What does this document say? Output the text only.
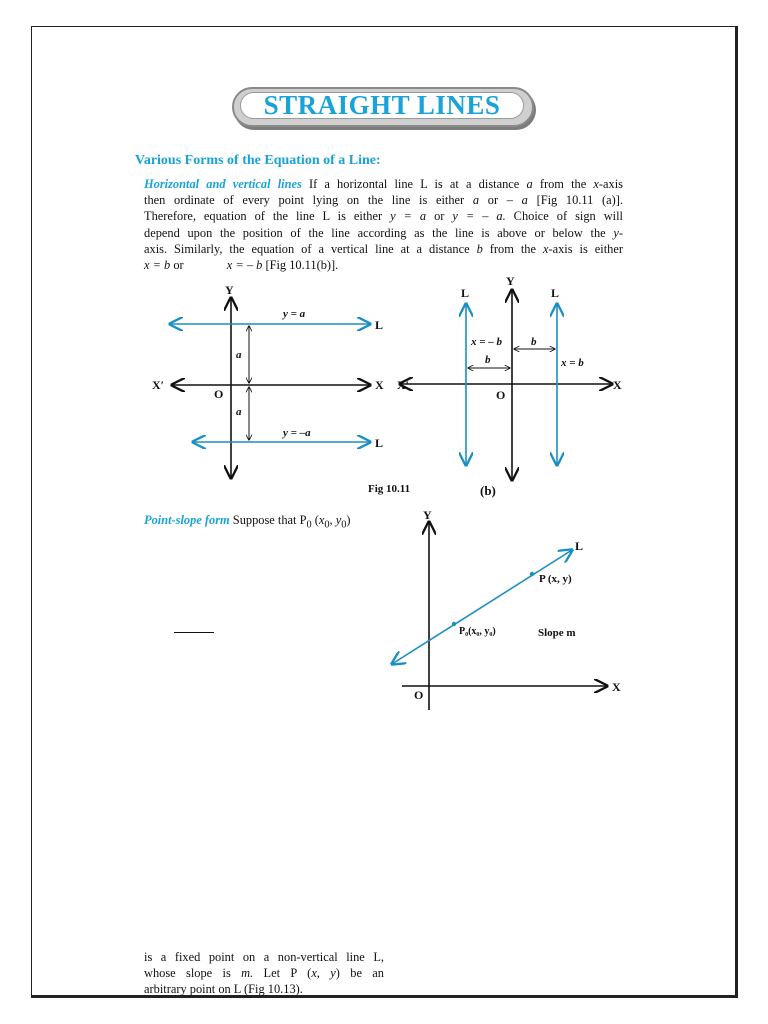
STRAIGHT LINES
Various Forms of the Equation of a Line:
Horizontal and vertical lines If a horizontal line L is at a distance a from the x-axis
then ordinate of every point lying on the line is either a or – a [Fig 10.11 (a)].
Therefore, equation of the line L is either y = a or y = – a. Choice of sign will
depend upon the position of the line according as the line is above or below the y-
axis. Similarly, the equation of a vertical line at a distance b from the x-axis is either
x = b or	x = – b [Fig 10.11(b)].
Y
X
X′
O
y = a
y = –a
L
L
a
a
Y
X
X′
O
L	L
x = – b
x = b
b
b
(b)
Fig 10.11
Y
X
O
L
P (x, y)
P₀(x₀, y₀)	Slope m
Point-slope form Suppose that $P_0$ ($x_0$, $y_0$)
is a fixed point on a non-vertical line L,
whose slope is m. Let P (x, y) be an
arbitrary point on L (Fig 10.13).
